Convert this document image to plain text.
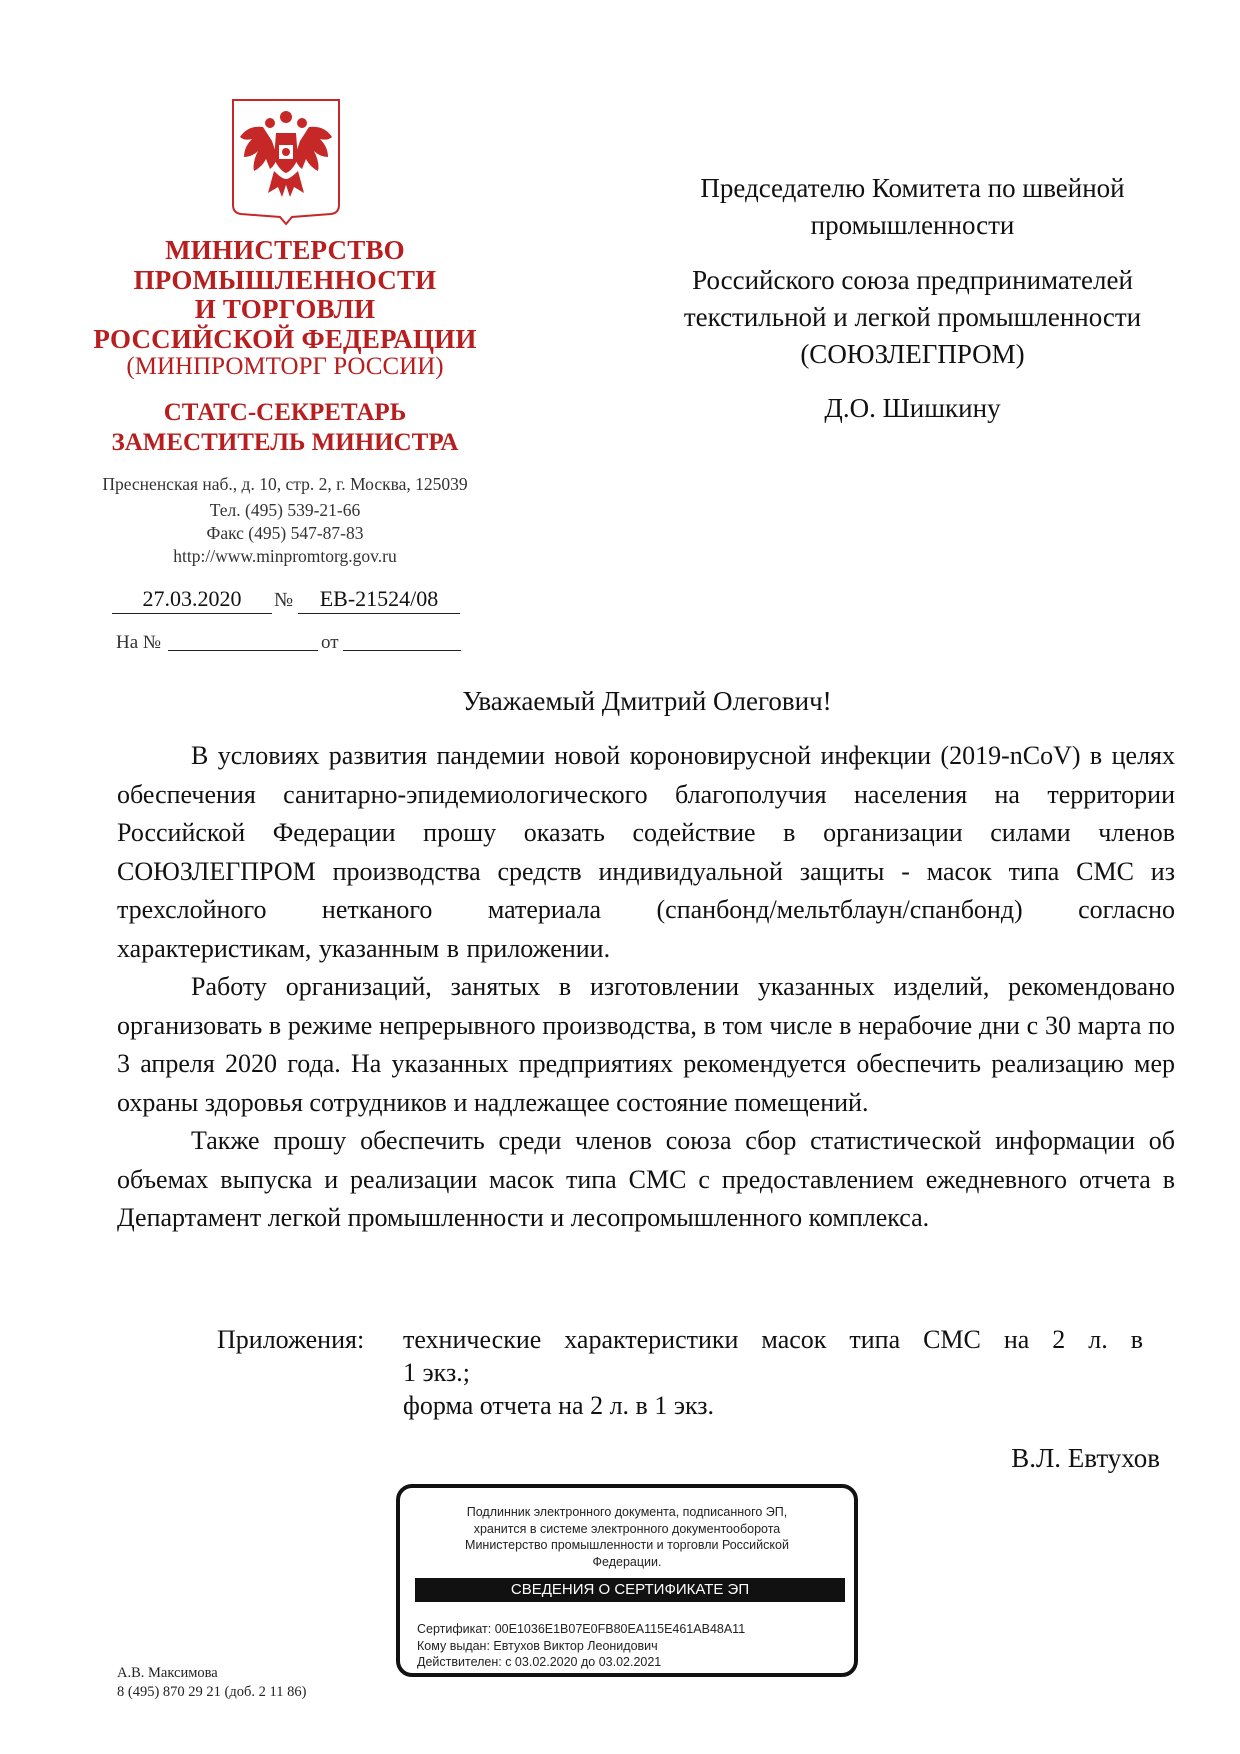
МИНИСТЕРСТВО
ПРОМЫШЛЕННОСТИ
И ТОРГОВЛИ
РОССИЙСКОЙ ФЕДЕРАЦИИ
(МИНПРОМТОРГ РОССИИ)
СТАТС-СЕКРЕТАРЬ
ЗАМЕСТИТЕЛЬ МИНИСТРА
Пресненская наб., д. 10, стр. 2, г. Москва, 125039
Тел. (495) 539-21-66
Факс (495) 547-87-83
http://www.minpromtorg.gov.ru
27.03.2020	№	ЕВ-21524/08
На №	от
Председателю Комитета по швейной промышленности
Российского союза предпринимателей текстильной и легкой промышленности (СОЮЗЛЕГПРОМ)
Д.О. Шишкину
Уважаемый Дмитрий Олегович!

В условиях развития пандемии новой короновирусной инфекции (2019-nCoV) в целях обеспечения санитарно-эпидемиологического благополучия населения на территории Российской Федерации прошу оказать содействие в организации силами членов СОЮЗЛЕГПРОМ производства средств индивидуальной защиты - масок типа СМС из трехслойного нетканого материала (спанбонд/мельтблаун/спанбонд) согласно характеристикам, указанным в приложении.

Работу организаций, занятых в изготовлении указанных изделий, рекомендовано организовать в режиме непрерывного производства, в том числе в нерабочие дни с 30 марта по 3 апреля 2020 года. На указанных предприятиях рекомендуется обеспечить реализацию мер охраны здоровья сотрудников и надлежащее состояние помещений.

Также прошу обеспечить среди членов союза сбор статистической информации об объемах выпуска и реализации масок типа СМС с предоставлением ежедневного отчета в Департамент легкой промышленности и лесопромышленного комплекса.

Приложения: технические характеристики масок типа СМС на 2 л. в
1 экз.;
форма отчета на 2 л. в 1 экз.
В.Л. Евтухов
Подлинник электронного документа, подписанного ЭП,
хранится в системе электронного документооборота
Министерство промышленности и торговли Российской
Федерации.
СВЕДЕНИЯ О СЕРТИФИКАТЕ ЭП
Сертификат: 00E1036E1B07E0FB80EA115E461AB48A11
Кому выдан: Евтухов Виктор Леонидович
Действителен: с 03.02.2020 до 03.02.2021
А.В. Максимова
8 (495) 870 29 21 (доб. 2 11 86)
